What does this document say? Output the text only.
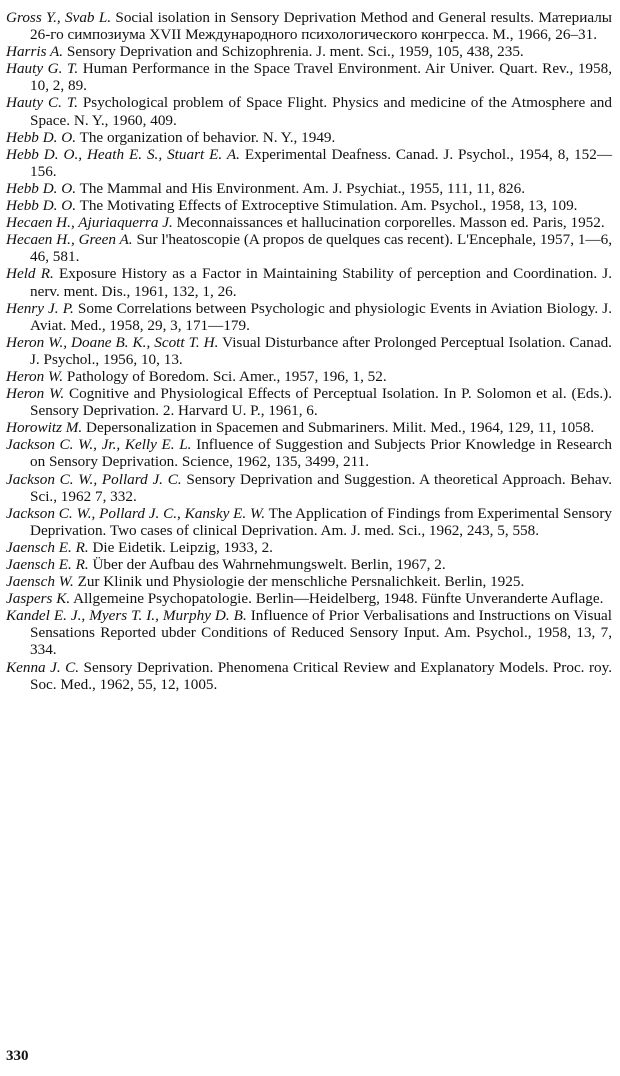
Gross Y., Svab L. Social isolation in Sensory Deprivation Method and General results. Материалы 26-го симпозиума XVII Международного психологического конгресса. М., 1966, 26–31.
Harris A. Sensory Deprivation and Schizophrenia. J. ment. Sci., 1959, 105, 438, 235.
Hauty G. T. Human Performance in the Space Travel Environment. Air Univer. Quart. Rev., 1958, 10, 2, 89.
Hauty C. T. Psychological problem of Space Flight. Physics and medicine of the Atmosphere and Space. N. Y., 1960, 409.
Hebb D. O. The organization of behavior. N. Y., 1949.
Hebb D. O., Heath E. S., Stuart E. A. Experimental Deafness. Canad. J. Psychol., 1954, 8, 152—156.
Hebb D. O. The Mammal and His Environment. Am. J. Psychiat., 1955, 111, 11, 826.
Hebb D. O. The Motivating Effects of Extroceptive Stimulation. Am. Psychol., 1958, 13, 109.
Hecaen H., Ajuriaquerra J. Meconnaissances et hallucination corporelles. Masson ed. Paris, 1952.
Hecaen H., Green A. Sur l'heatoscopie (A propos de quelques cas recent). L'Encephale, 1957, 1—6, 46, 581.
Held R. Exposure History as a Factor in Maintaining Stability of perception and Coordination. J. nerv. ment. Dis., 1961, 132, 1, 26.
Henry J. P. Some Correlations between Psychologic and physiologic Events in Aviation Biology. J. Aviat. Med., 1958, 29, 3, 171—179.
Heron W., Doane B. K., Scott T. H. Visual Disturbance after Prolonged Perceptual Isolation. Canad. J. Psychol., 1956, 10, 13.
Heron W. Pathology of Boredom. Sci. Amer., 1957, 196, 1, 52.
Heron W. Cognitive and Physiological Effects of Perceptual Isolation. In P. Solomon et al. (Eds.). Sensory Deprivation. 2. Harvard U. P., 1961, 6.
Horowitz M. Depersonalization in Spacemen and Submariners. Milit. Med., 1964, 129, 11, 1058.
Jackson C. W., Jr., Kelly E. L. Influence of Suggestion and Subjects Prior Knowledge in Research on Sensory Deprivation. Science, 1962, 135, 3499, 211.
Jackson C. W., Pollard J. C. Sensory Deprivation and Suggestion. A theoretical Approach. Behav. Sci., 1962 7, 332.
Jackson C. W., Pollard J. C., Kansky E. W. The Application of Findings from Experimental Sensory Deprivation. Two cases of clinical Deprivation. Am. J. med. Sci., 1962, 243, 5, 558.
Jaensch E. R. Die Eidetik. Leipzig, 1933, 2.
Jaensch E. R. Über der Aufbau des Wahrnehmungswelt. Berlin, 1967, 2.
Jaensch W. Zur Klinik und Physiologie der menschliche Persnalichkeit. Berlin, 1925.
Jaspers K. Allgemeine Psychopatologie. Berlin—Heidelberg, 1948. Fünfte Unveranderte Auflage.
Kandel E. J., Myers T. I., Murphy D. B. Influence of Prior Verbalisations and Instructions on Visual Sensations Reported ubder Conditions of Reduced Sensory Input. Am. Psychol., 1958, 13, 7, 334.
Kenna J. C. Sensory Deprivation. Phenomena Critical Review and Explanatory Models. Proc. roy. Soc. Med., 1962, 55, 12, 1005.
330
